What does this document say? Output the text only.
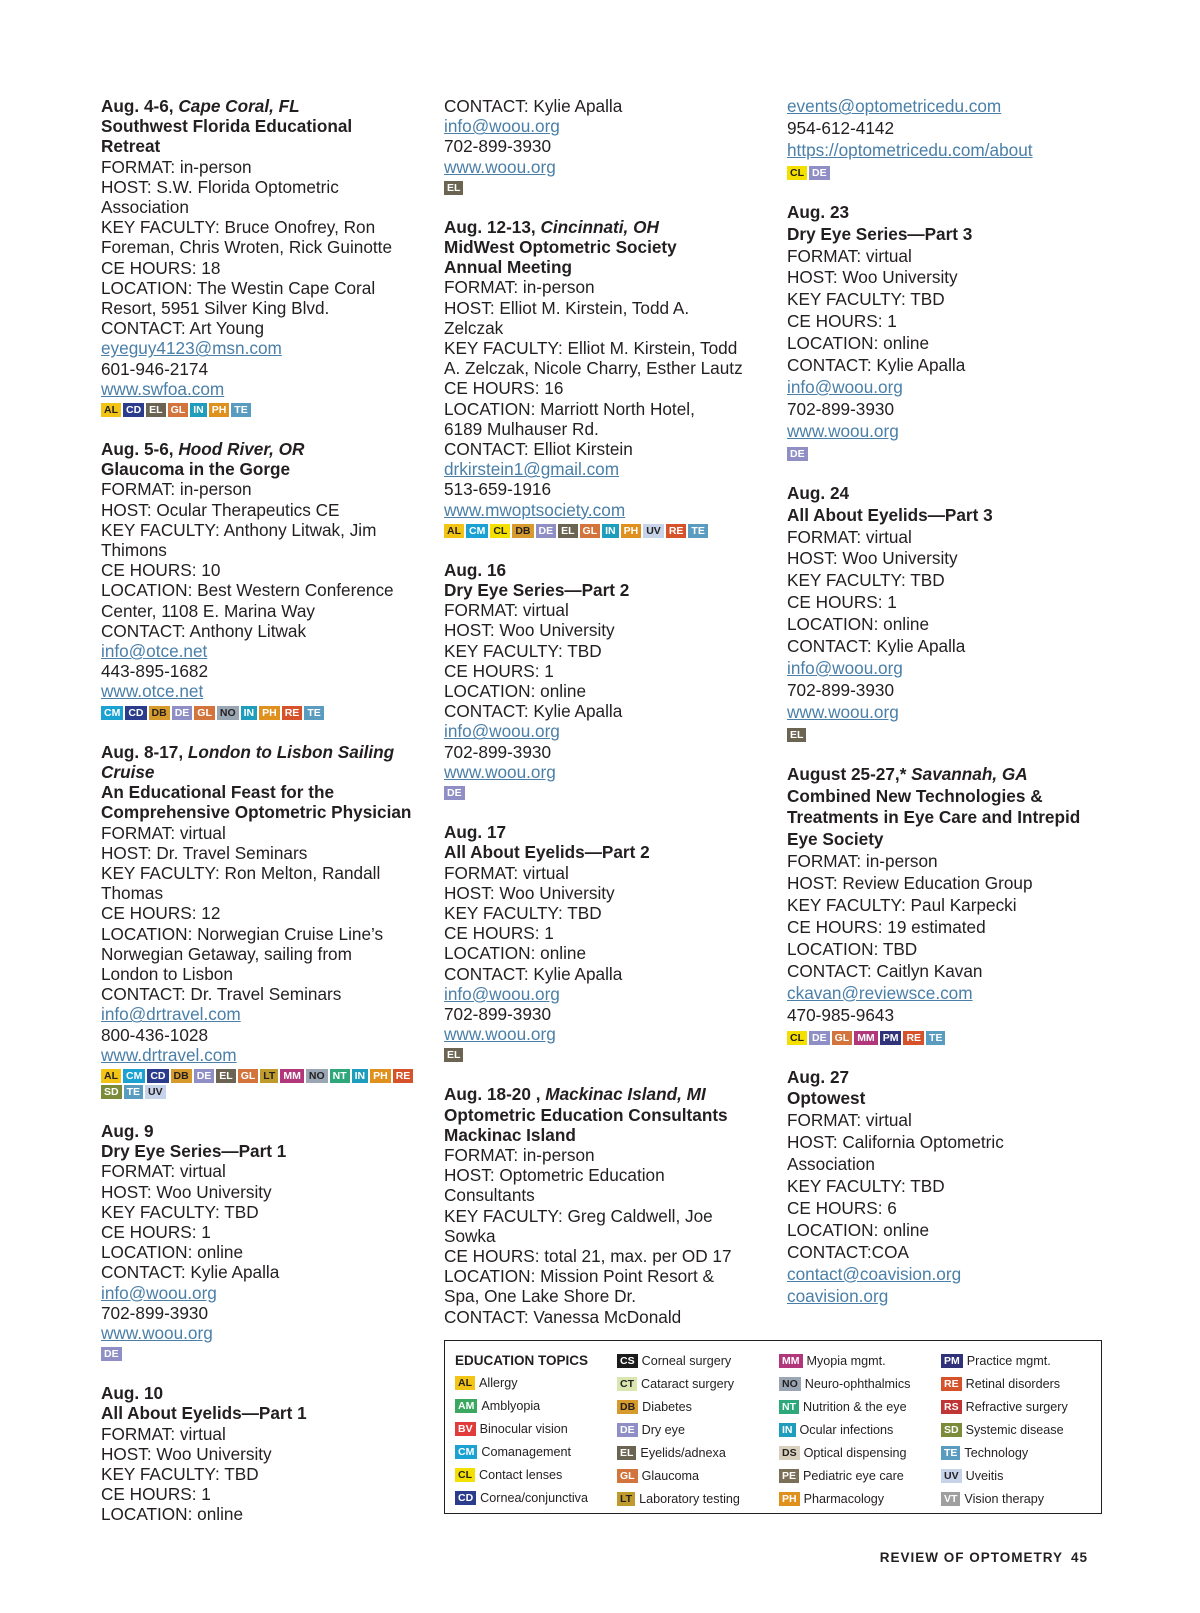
Aug. 4-6, Cape Coral, FL
Southwest Florida Educational
Retreat
FORMAT: in-person
HOST: S.W. Florida Optometric
Association
KEY FACULTY: Bruce Onofrey, Ron
Foreman, Chris Wroten, Rick Guinotte
CE HOURS: 18
LOCATION: The Westin Cape Coral
Resort, 5951 Silver King Blvd.
CONTACT: Art Young
eyeguy4123@msn.com
601-946-2174
www.swfoa.com
AL CD EL GL IN PH TE
Aug. 5-6, Hood River, OR
Glaucoma in the Gorge
FORMAT: in-person
HOST: Ocular Therapeutics CE
KEY FACULTY: Anthony Litwak, Jim
Thimons
CE HOURS: 10
LOCATION: Best Western Conference
Center, 1108 E. Marina Way
CONTACT: Anthony Litwak
info@otce.net
443-895-1682
www.otce.net
CM CD DB DE GL NO IN PH RE TE
Aug. 8-17, London to Lisbon Sailing Cruise
An Educational Feast for the
Comprehensive Optometric Physician
FORMAT: virtual
HOST: Dr. Travel Seminars
KEY FACULTY: Ron Melton, Randall
Thomas
CE HOURS: 12
LOCATION: Norwegian Cruise Line’s
Norwegian Getaway, sailing from
London to Lisbon
CONTACT: Dr. Travel Seminars
info@drtravel.com
800-436-1028
www.drtravel.com
AL CM CD DB DE EL GL LT MM NO NT IN PH RE
SD TE UV
Aug. 9
Dry Eye Series—Part 1
FORMAT: virtual
HOST: Woo University
KEY FACULTY: TBD
CE HOURS: 1
LOCATION: online
CONTACT: Kylie Apalla
info@woou.org
702-899-3930
www.woou.org
DE
Aug. 10
All About Eyelids—Part 1
FORMAT: virtual
HOST: Woo University
KEY FACULTY: TBD
CE HOURS: 1
LOCATION: online
CONTACT: Kylie Apalla
info@woou.org
702-899-3930
www.woou.org
EL
Aug. 12-13, Cincinnati, OH
MidWest Optometric Society
Annual Meeting
FORMAT: in-person
HOST: Elliot M. Kirstein, Todd A.
Zelczak
KEY FACULTY: Elliot M. Kirstein, Todd
A. Zelczak, Nicole Charry, Esther Lautz
CE HOURS: 16
LOCATION: Marriott North Hotel,
6189 Mulhauser Rd.
CONTACT: Elliot Kirstein
drkirstein1@gmail.com
513-659-1916
www.mwoptsociety.com
AL CM CL DB DE EL GL IN PH UV RE TE
Aug. 16
Dry Eye Series—Part 2
FORMAT: virtual
HOST: Woo University
KEY FACULTY: TBD
CE HOURS: 1
LOCATION: online
CONTACT: Kylie Apalla
info@woou.org
702-899-3930
www.woou.org
DE
Aug. 17
All About Eyelids—Part 2
FORMAT: virtual
HOST: Woo University
KEY FACULTY: TBD
CE HOURS: 1
LOCATION: online
CONTACT: Kylie Apalla
info@woou.org
702-899-3930
www.woou.org
EL
Aug. 18-20 , Mackinac Island, MI
Optometric Education Consultants
Mackinac Island
FORMAT: in-person
HOST: Optometric Education
Consultants
KEY FACULTY: Greg Caldwell, Joe
Sowka
CE HOURS: total 21, max. per OD 17
LOCATION: Mission Point Resort &
Spa, One Lake Shore Dr.
CONTACT: Vanessa McDonald
events@optometricedu.com
954-612-4142
https://optometricedu.com/about
CL DE
Aug. 23
Dry Eye Series—Part 3
FORMAT: virtual
HOST: Woo University
KEY FACULTY: TBD
CE HOURS: 1
LOCATION: online
CONTACT: Kylie Apalla
info@woou.org
702-899-3930
www.woou.org
DE
Aug. 24
All About Eyelids—Part 3
FORMAT: virtual
HOST: Woo University
KEY FACULTY: TBD
CE HOURS: 1
LOCATION: online
CONTACT: Kylie Apalla
info@woou.org
702-899-3930
www.woou.org
EL
August 25-27,* Savannah, GA
Combined New Technologies &
Treatments in Eye Care and Intrepid
Eye Society
FORMAT: in-person
HOST: Review Education Group
KEY FACULTY: Paul Karpecki
CE HOURS: 19 estimated
LOCATION: TBD
CONTACT: Caitlyn Kavan
ckavan@reviewsce.com
470-985-9643
CL DE GL MM PM RE TE
Aug. 27
Optowest
FORMAT: virtual
HOST: California Optometric
Association
KEY FACULTY: TBD
CE HOURS: 6
LOCATION: online
CONTACT:COA
contact@coavision.org
coavision.org
EDUCATION TOPICS
AL Allergy
AM Amblyopia
BV Binocular vision
CM Comanagement
CL Contact lenses
CD Cornea/conjunctiva
CS Corneal surgery
CT Cataract surgery
DB Diabetes
DE Dry eye
EL Eyelids/adnexa
GL Glaucoma
LT Laboratory testing
MM Myopia mgmt.
NO Neuro-ophthalmics
NT Nutrition & the eye
IN Ocular infections
DS Optical dispensing
PE Pediatric eye care
PH Pharmacology
PM Practice mgmt.
RE Retinal disorders
RS Refractive surgery
SD Systemic disease
TE Technology
UV Uveitis
VT Vision therapy
REVIEW OF OPTOMETRY 45
